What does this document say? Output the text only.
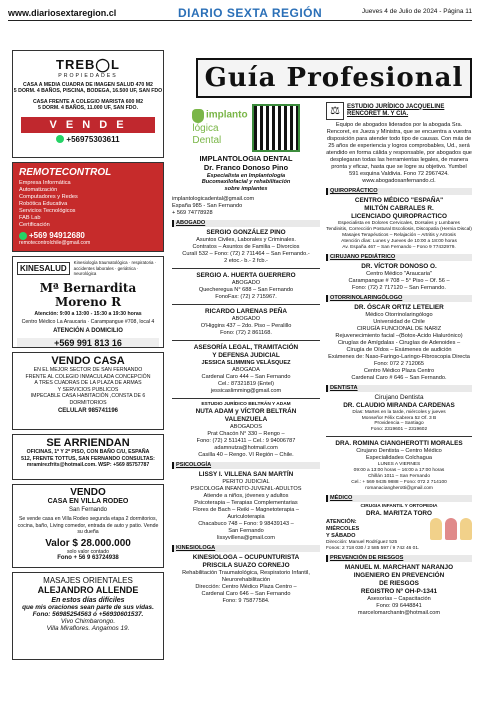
www.diariosextaregion.cl	DIARIO SEXTA REGIÓN	Jueves 4 de Julio de 2024 - Página 11
TREB◯L
PROPIEDADES
CASA A MEDIA CUADRA DE IMAGEN SALUD 470 M2
5 DORM. 4 BAÑOS, PISCINA, BODEGA, 16.500 UF, SAN FDO
CASA FRENTE A COLEGIO MARISTA 600 M2
5 DORM. 4 BAÑOS, 11.000 UF, SAN FDO.
V E N D E
+56975303611
REMOTECONTROL
Empresa Informática
Automatización
Computadores y Redes
Robótica Educativa
Servicios Tecnológicos
FAB Lab
Certificación
+569 94912680
remotecontrolchile@gmail.com
KINESALUD
Kinesiología traumatológica · respiratoria · accidentes laborales · geriátrica · neurológica
Mª Bernardita Moreno R
Atención: 9:00 a 13:00 - 15:30 a 19:30 horas
Centro Médico La Araucaria · Carampangue #708, local 4
ATENCIÓN A DOMICILIO
+569 991 813 16
VENDO CASA
EN EL MEJOR SECTOR DE SAN FERNANDO
FRENTE AL COLEGIO INMACULADA CONCEPCIÓN
A TRES CUADRAS DE LA PLAZA DE ARMAS
Y SERVICIOS PUBLICOS
IMPECABLE CASA HABITACIÓN ,CONSTA DE 6
DORMITORIOS
CELULAR 985741196
SE ARRIENDAN
OFICINAS, 1º Y 2º PISO, CON BAÑO C/U, ESPAÑA
512, FRENTE TOTTUS, SAN FERNANDO CONSULTAS:
mramirezfrits@hotmail.com. WSP: +569 85757787
VENDO
CASA EN VILLA RODEO
San Fernando
Se vende casa en Villa Rodeo segunda etapa 2 dormitorios, cocina, baño, Living comedor, entrada de auto y patio. Vende su dueña
Valor $ 28.000.000
solo valor contado
Fono + 56 9 63724938
MASAJES ORIENTALES
ALEJANDRO ALLENDE
En estos días difíciles
que mis oraciones sean parte de sus vidas.
Fono: 56985254563 ó +56930601537.
Vivo Chimbarongo.
Villa Miraflores. Angamos 19.
Guía Profesional
implanto
lógica
Dental

IMPLANTOLOGIA DENTAL

Dr. Franco Donoso Pino

Especialista en Implantología

Bucomaxilofacial y rehabilitación

sobre implantes

implantologicadental@gmail.com

España 985 - San Fernando

+ 569 74778928

ABOGADO

SERGIO GONZÁLEZ PINO

Asuntos Civiles, Laborales y Criminales.

Contratos – Asuntos de Familia – Divorcios

Curalí 532 – Fono: (72) 2 711464 – San Fernando.-

2 etoc.- b.- 2 fcb.-

SERGIO A. HUERTA GUERRERO

ABOGADO

Quecheregua N° 688 – San Fernando

FonoFax: (72) 2 715967.

RICARDO LARENAS PEÑA

ABOGADO

O'Higgins 437 – 2do. Piso – Peralillo

Fono: (72) 2 861168.

ASESORÍA LEGAL, TRAMITACIÓN

Y DEFENSA JUDICIAL

JESSICA SLIMMING VELÁSQUEZ

ABOGADA

Cardenal Caro 444 – San Fernando

Cel.: 87321819 (Entel)

jessicaslimming@gmail.com

ESTUDIO JURÍDICO BELTRÁN Y ADAM

NUTA ADAM y VÍCTOR BELTRÁN

VALENZUELA

ABOGADOS

Prat Chacón N° 330 – Rengo –

Fono: (72) 2 511411 – Cel.: 9 94006787

adamnutza@hotmail.com

Casilla 40 – Rengo. VI Región – Chile.

PSICOLOGÍA

LISSY I. VILLENA SAN MARTÍN

PERITO JUDICIAL

PSICOLOGA INFANTO-JUVENIL-ADULTOS

Atiende a niños, jóvenes y adultos

Psicoterapia – Terapias Complementarias

Flores de Bach – Reiki – Magnetoterapia –

Auriculoterapia

Chacabuco 748 – Fono: 9 98439143 –

San Fernando

lissyvillena@gmail.com

KINESIOLOGA

KINESIOLOGA – OCUPUNTURISTA

PRISCILA SUAZO CORNEJO

Rehabilitación Traumatológica, Respiratorio Infantil,

Neurorehabilitación

Dirección: Centro Médico Plaza Centro –

Cardenal Caro 646 – San Fernando

Fono: 9 75877584.

⚖	ESTUDIO JURÍDICO JACQUELINE
RENCORET M. Y CÍA.

Equipo de abogados liderados por la abogada Sra. Rencoret, ex Jueza y Ministra, que se encuentra a vuestra disposición para atender todo tipo de causas. Con más de 25 años de experiencia y logros comprobables, Ud., será atendido en forma cálida y responsable, por abogados que desplegaran todas las herramientas legales, de manera pronta y eficaz, hasta que se logre su objetivo. Yumbel 591 esquina Valdivia. Fono 72 2967424.

www.abogadosanfernando.cl.

QUIROPRÁCTICO

CENTRO MÉDICO "ESPAÑA"

MILTÓN CABRALES R.

LICENCIADO QUIROPRACTICO

Especialista en Dolores Cervicales, Dorsales y Lumbares

Tendinitis, Corrección Postural Escoliosis, Discopatía (Hernia Discal)

Masajes Terapéuticos – Relajación – Artritis y Artrosis

Atención días: Lunes y Jueves de 10:00 a 18:00 horas

Av. España 467 – San Fernando – Fono 9 77432979.

CIRUJANO PEDIÁTRICO

DR. VÍCTOR DONOSO O.

Centro Médico "Araucaria"

Carampangue # 708 – 5° Piso – Of. 56 –

Fono: (72) 2 717120 – San Fernando.

OTORRINOLARINGÓLOGO

DR. ÓSCAR ORTIZ LETELIER

Médico Otorrinolaringólogo

Universidad de Chile

CIRUGÍA FUNCIONAL DE NARIZ

Rejuvenecimiento facial –(Botox-Acido Hialurónico)

Cirugías de Amígdalas - Cirugías de Adenoides –

Cirugía de Oídos – Exámenes de audición

Exámenes de: Naso-Faringo-Laringo-Fibroscopia Directa

Fono: 072 2 712065

Centro Médico Plaza Centro

Cardenal Caro # 646 – San Fernando.

DENTISTA

Cirujano Dentista

DR. CLAUDIO MIRANDA CARDENAS

Días: Martes en la tarde, miércoles y jueves

Monseñor Félix Cabrera 52 Of. 3 B

Providencia – Santiago

Fono: 2319601 – 2319602

DRA. ROMINA CIANGHEROTTI MORALES

Cirujano Dentista – Centro Médico

Especialidades Colchagua

LUNES A VIERNES

09:00 a 13:00 horas – 16:00 a 17:00 horas

Chillán 1011 – San Fernando

Cel.: + 569 9435 9888 – Fono: 072 2 714100

romanaciangherotti@gmail.com

MÉDICO

CIRUGIA INFANTIL Y ORTOPEDIA

DRA. MARITZA TORO

ATENCIÓN:
MIÉRCOLES
Y SÁBADO

Dirección: Manuel Rodríguez 525

Fonos: 2 718 030 / 2 585 597 / 9 742 46 01.

PREVENCIÓN DE RIESGOS

MANUEL M. MARCHANT NARANJO

INGENIERO EN PREVENCIÓN

DE RIESGOS

REGISTRO Nº OH-P-1341

Asesorías – Capacitación

Fono: 09 6448841

marcelomarchantn@hotmail.com
